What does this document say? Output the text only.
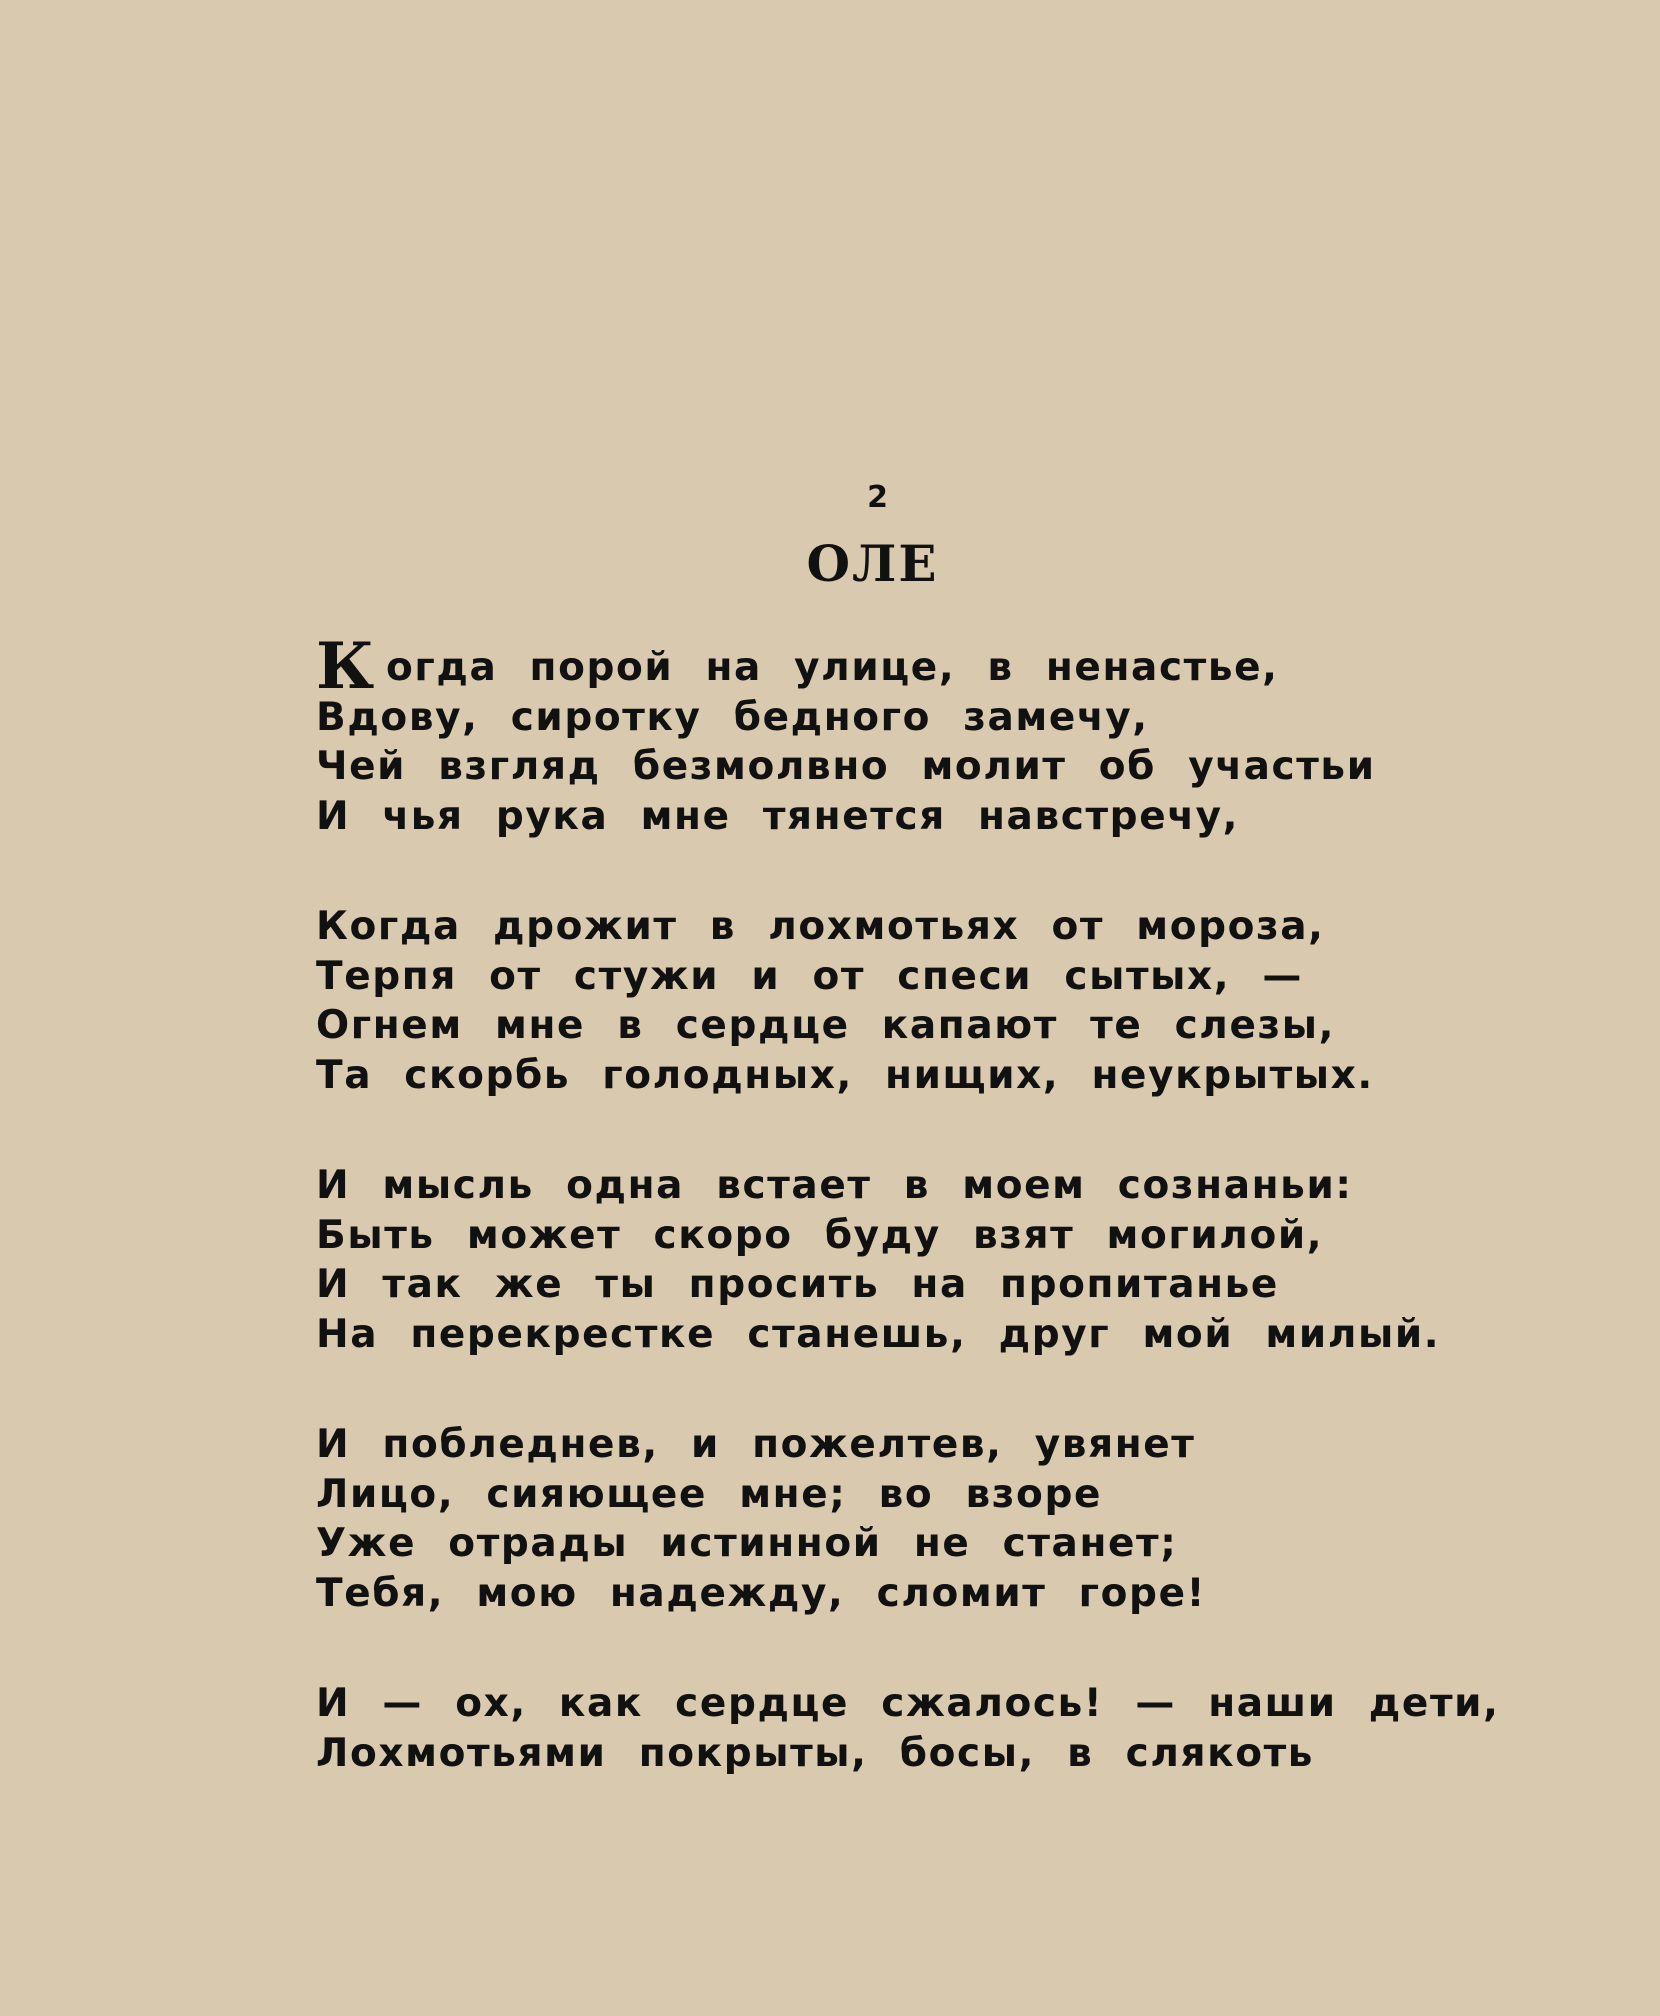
2
ОЛЕ
К огда порой на улице, в ненастье,
Вдову, сиротку бедного замечу,
Чей взгляд безмолвно молит об участьи
И чья рука мне тянется навстречу,
Когда дрожит в лохмотьях от мороза,
Терпя от стужи и от спеси сытых, —
Огнем мне в сердце капают те слезы,
Та скорбь голодных, нищих, неукрытых.
И мысль одна встает в моем сознаньи:
Быть может скоро буду взят могилой,
И так же ты просить на пропитанье
На перекрестке станешь, друг мой милый.
И побледнев, и пожелтев, увянет
Лицо, сияющее мне; во взоре
Уже отрады истинной не станет;
Тебя, мою надежду, сломит горе!
И — ох, как сердце сжалось! — наши дети,
Лохмотьями покрыты, босы, в слякоть
